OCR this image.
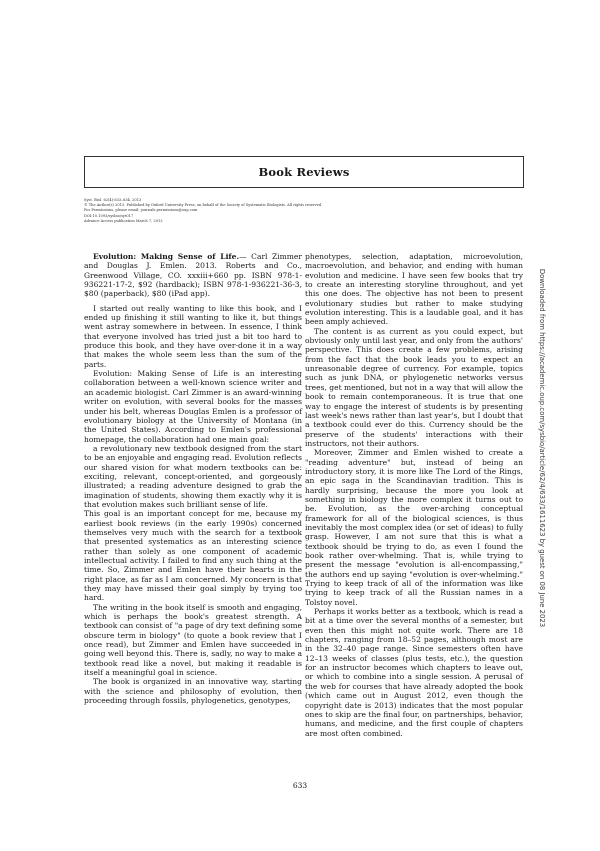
Book Reviews
Syst. Biol. 62(4):633–634, 2013
© The Author(s) 2013. Published by Oxford University Press, on behalf of the Society of Systematic Biologists. All rights reserved.
For Permissions, please email: journals.permissions@oup.com
DOI:10.1093/sysbio/syt017
Advance Access publication March 7, 2013

Evolution: Making Sense of Life.— Carl Zimmer and Douglas J. Emlen. 2013. Roberts and Co., Greenwood Village, CO. xxxiii+660 pp. ISBN 978-1-936221-17-2, $92 (hardback); ISBN 978-1-936221-36-3, $80 (paperback), $80 (iPad app).

I started out really wanting to like this book, and I ended up finishing it still wanting to like it, but things went astray somewhere in between. In essence, I think that everyone involved has tried just a bit too hard to produce this book, and they have over-done it in a way that makes the whole seem less than the sum of the parts.

Evolution: Making Sense of Life is an interesting collaboration between a well-known science writer and an academic biologist. Carl Zimmer is an award-winning writer on evolution, with several books for the masses under his belt, whereas Douglas Emlen is a professor of evolutionary biology at the University of Montana (in the United States). According to Emlen's professional homepage, the collaboration had one main goal:

a revolutionary new textbook designed from the start to be an enjoyable and engaging read. Evolution reflects our shared vision for what modern textbooks can be: exciting, relevant, concept-oriented, and gorgeously illustrated; a reading adventure designed to grab the imagination of students, showing them exactly why it is that evolution makes such brilliant sense of life.

This goal is an important concept for me, because my earliest book reviews (in the early 1990s) concerned themselves very much with the search for a textbook that presented systematics as an interesting science rather than solely as one component of academic intellectual activity. I failed to find any such thing at the time. So, Zimmer and Emlen have their hearts in the right place, as far as I am concerned. My concern is that they may have missed their goal simply by trying too hard.

The writing in the book itself is smooth and engaging, which is perhaps the book's greatest strength. A textbook can consist of "a page of dry text defining some obscure term in biology" (to quote a book review that I once read), but Zimmer and Emlen have succeeded in going well beyond this. There is, sadly, no way to make a textbook read like a novel, but making it readable is itself a meaningful goal in science.

The book is organized in an innovative way, starting with the science and philosophy of evolution, then proceeding through fossils, phylogenetics, genotypes,

phenotypes, selection, adaptation, microevolution, macroevolution, and behavior, and ending with human evolution and medicine. I have seen few books that try to create an interesting storyline throughout, and yet this one does. The objective has not been to present evolutionary studies but rather to make studying evolution interesting. This is a laudable goal, and it has been amply achieved.

The content is as current as you could expect, but obviously only until last year, and only from the authors' perspective. This does create a few problems, arising from the fact that the book leads you to expect an unreasonable degree of currency. For example, topics such as junk DNA, or phylogenetic networks versus trees, get mentioned, but not in a way that will allow the book to remain contemporaneous. It is true that one way to engage the interest of students is by presenting last week's news rather than last year's, but I doubt that a textbook could ever do this. Currency should be the preserve of the students' interactions with their instructors, not their authors.

Moreover, Zimmer and Emlen wished to create a "reading adventure" but, instead of being an introductory story, it is more like The Lord of the Rings, an epic saga in the Scandinavian tradition. This is hardly surprising, because the more you look at something in biology the more complex it turns out to be. Evolution, as the over-arching conceptual framework for all of the biological sciences, is thus inevitably the most complex idea (or set of ideas) to fully grasp. However, I am not sure that this is what a textbook should be trying to do, as even I found the book rather over-whelming. That is, while trying to present the message "evolution is all-encompassing," the authors end up saying "evolution is over-whelming." Trying to keep track of all of the information was like trying to keep track of all the Russian names in a Tolstoy novel.

Perhaps it works better as a textbook, which is read a bit at a time over the several months of a semester, but even then this might not quite work. There are 18 chapters, ranging from 18–52 pages, although most are in the 32–40 page range. Since semesters often have 12–13 weeks of classes (plus tests, etc.), the question for an instructor becomes which chapters to leave out, or which to combine into a single session. A perusal of the web for courses that have already adopted the book (which came out in August 2012, even though the copyright date is 2013) indicates that the most popular ones to skip are the final four, on partnerships, behavior, humans, and medicine, and the first couple of chapters are most often combined.

633
Downloaded from https://academic.oup.com/sysbio/article/62/4/633/1611623 by guest on 08 June 2023
